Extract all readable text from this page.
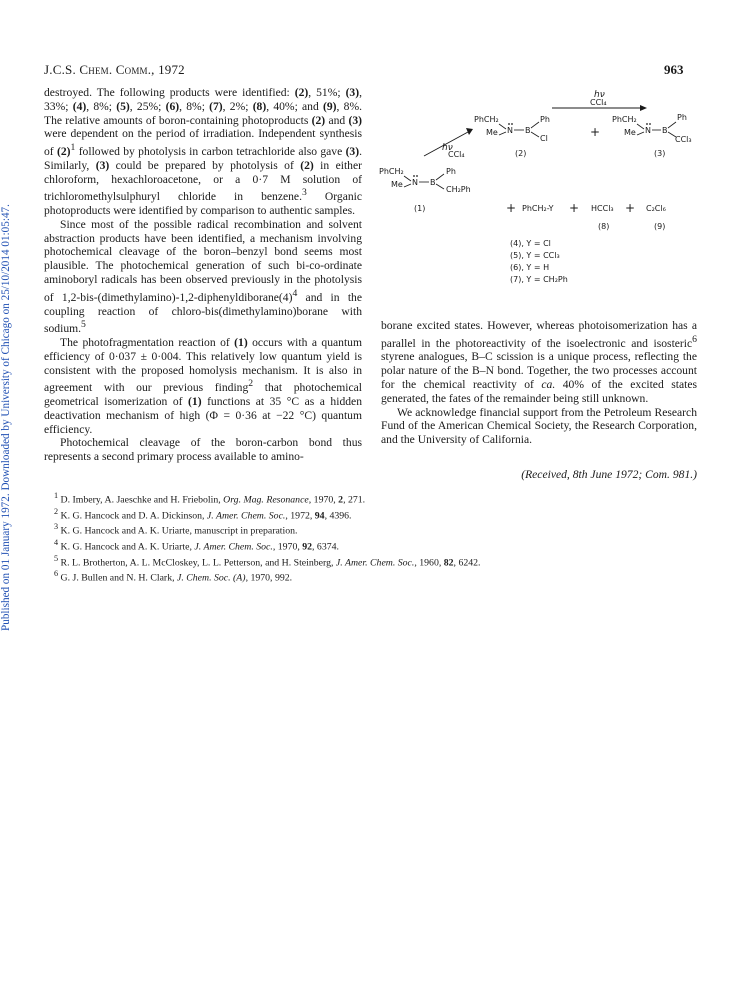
Published on 01 January 1972. Downloaded by University of Chicago on 25/10/2014 01:05:47.
J.C.S. Chem. Comm., 1972	963

destroyed. The following products were identified: (2), 51%; (3), 33%; (4), 8%; (5), 25%; (6), 8%; (7), 2%; (8), 40%; and (9), 8%. The relative amounts of boron-containing photoproducts (2) and (3) were dependent on the period of irradiation. Independent synthesis of $(2)^1$ followed by photolysis in carbon tetrachloride also gave (3). Similarly, (3) could be prepared by photolysis of (2) in either chloroform, hexachloroacetone, or a 0·7 M solution of trichloromethylsulphuryl chloride in benzene.$^3$ Organic photoproducts were identified by comparison to authentic samples.

Since most of the possible radical recombination and solvent abstraction products have been identified, a mechanism involving photochemical cleavage of the boron–benzyl bond seems most plausible. The photochemical generation of such bi-co-ordinate aminoboryl radicals has been observed previously in the photolysis of $1,2-bis-(dimethylamino)-1,2-diphenyldiborane(4)^4$ and in the coupling reaction of chloro-bis(dimethylamino)borane with sodium.$^5$

The photofragmentation reaction of (1) occurs with a quantum efficiency of 0·037 ± 0·004. This relatively low quantum yield is consistent with the proposed homolysis mechanism. It is also in agreement with our previous finding$^2$ that photochemical geometrical isomerization of (1) functions at 35 °C as a hidden deactivation mechanism of high (Φ = 0·36 at −22 °C) quantum efficiency.

Photochemical cleavage of the boron-carbon bond thus represents a second primary process available to amino-

hν
CCl₄
hν
CCl₄
PhCH₂
Me N B
Ph
Cl
(2)
+
PhCH₂
Me N B
Ph
CCl₃
(3)
PhCH₂
Me N B
Ph
CH₂Ph
(1)	+ PhCH₂-Y + HCCl₃ + C₂Cl₆
(8)	(9)
(4), Y = Cl
(5), Y = CCl₃
(6), Y = H
(7), Y = CH₂Ph

borane excited states. However, whereas photoisomerization has a parallel in the photoreactivity of the isoelectronic and isosteric$^6$ styrene analogues, B–C scission is a unique process, reflecting the polar nature of the B–N bond. Together, the two processes account for the chemical reactivity of ca. 40% of the excited states generated, the fates of the remainder being still unknown.

We acknowledge financial support from the Petroleum Research Fund of the American Chemical Society, the Research Corporation, and the University of California.

(Received, 8th June 1972; Com. 981.)
$^1$ D. Imbery, A. Jaeschke and H. Friebolin, Org. Mag. Resonance, 1970, 2, 271.
$^2$ K. G. Hancock and D. A. Dickinson, J. Amer. Chem. Soc., 1972, 94, 4396.
$^3$ K. G. Hancock and A. K. Uriarte, manuscript in preparation.
$^4$ K. G. Hancock and A. K. Uriarte, J. Amer. Chem. Soc., 1970, 92, 6374.
$^5$ R. L. Brotherton, A. L. McCloskey, L. L. Petterson, and H. Steinberg, J. Amer. Chem. Soc., 1960, 82, 6242.
$^6$ G. J. Bullen and N. H. Clark, J. Chem. Soc. (A), 1970, 992.
